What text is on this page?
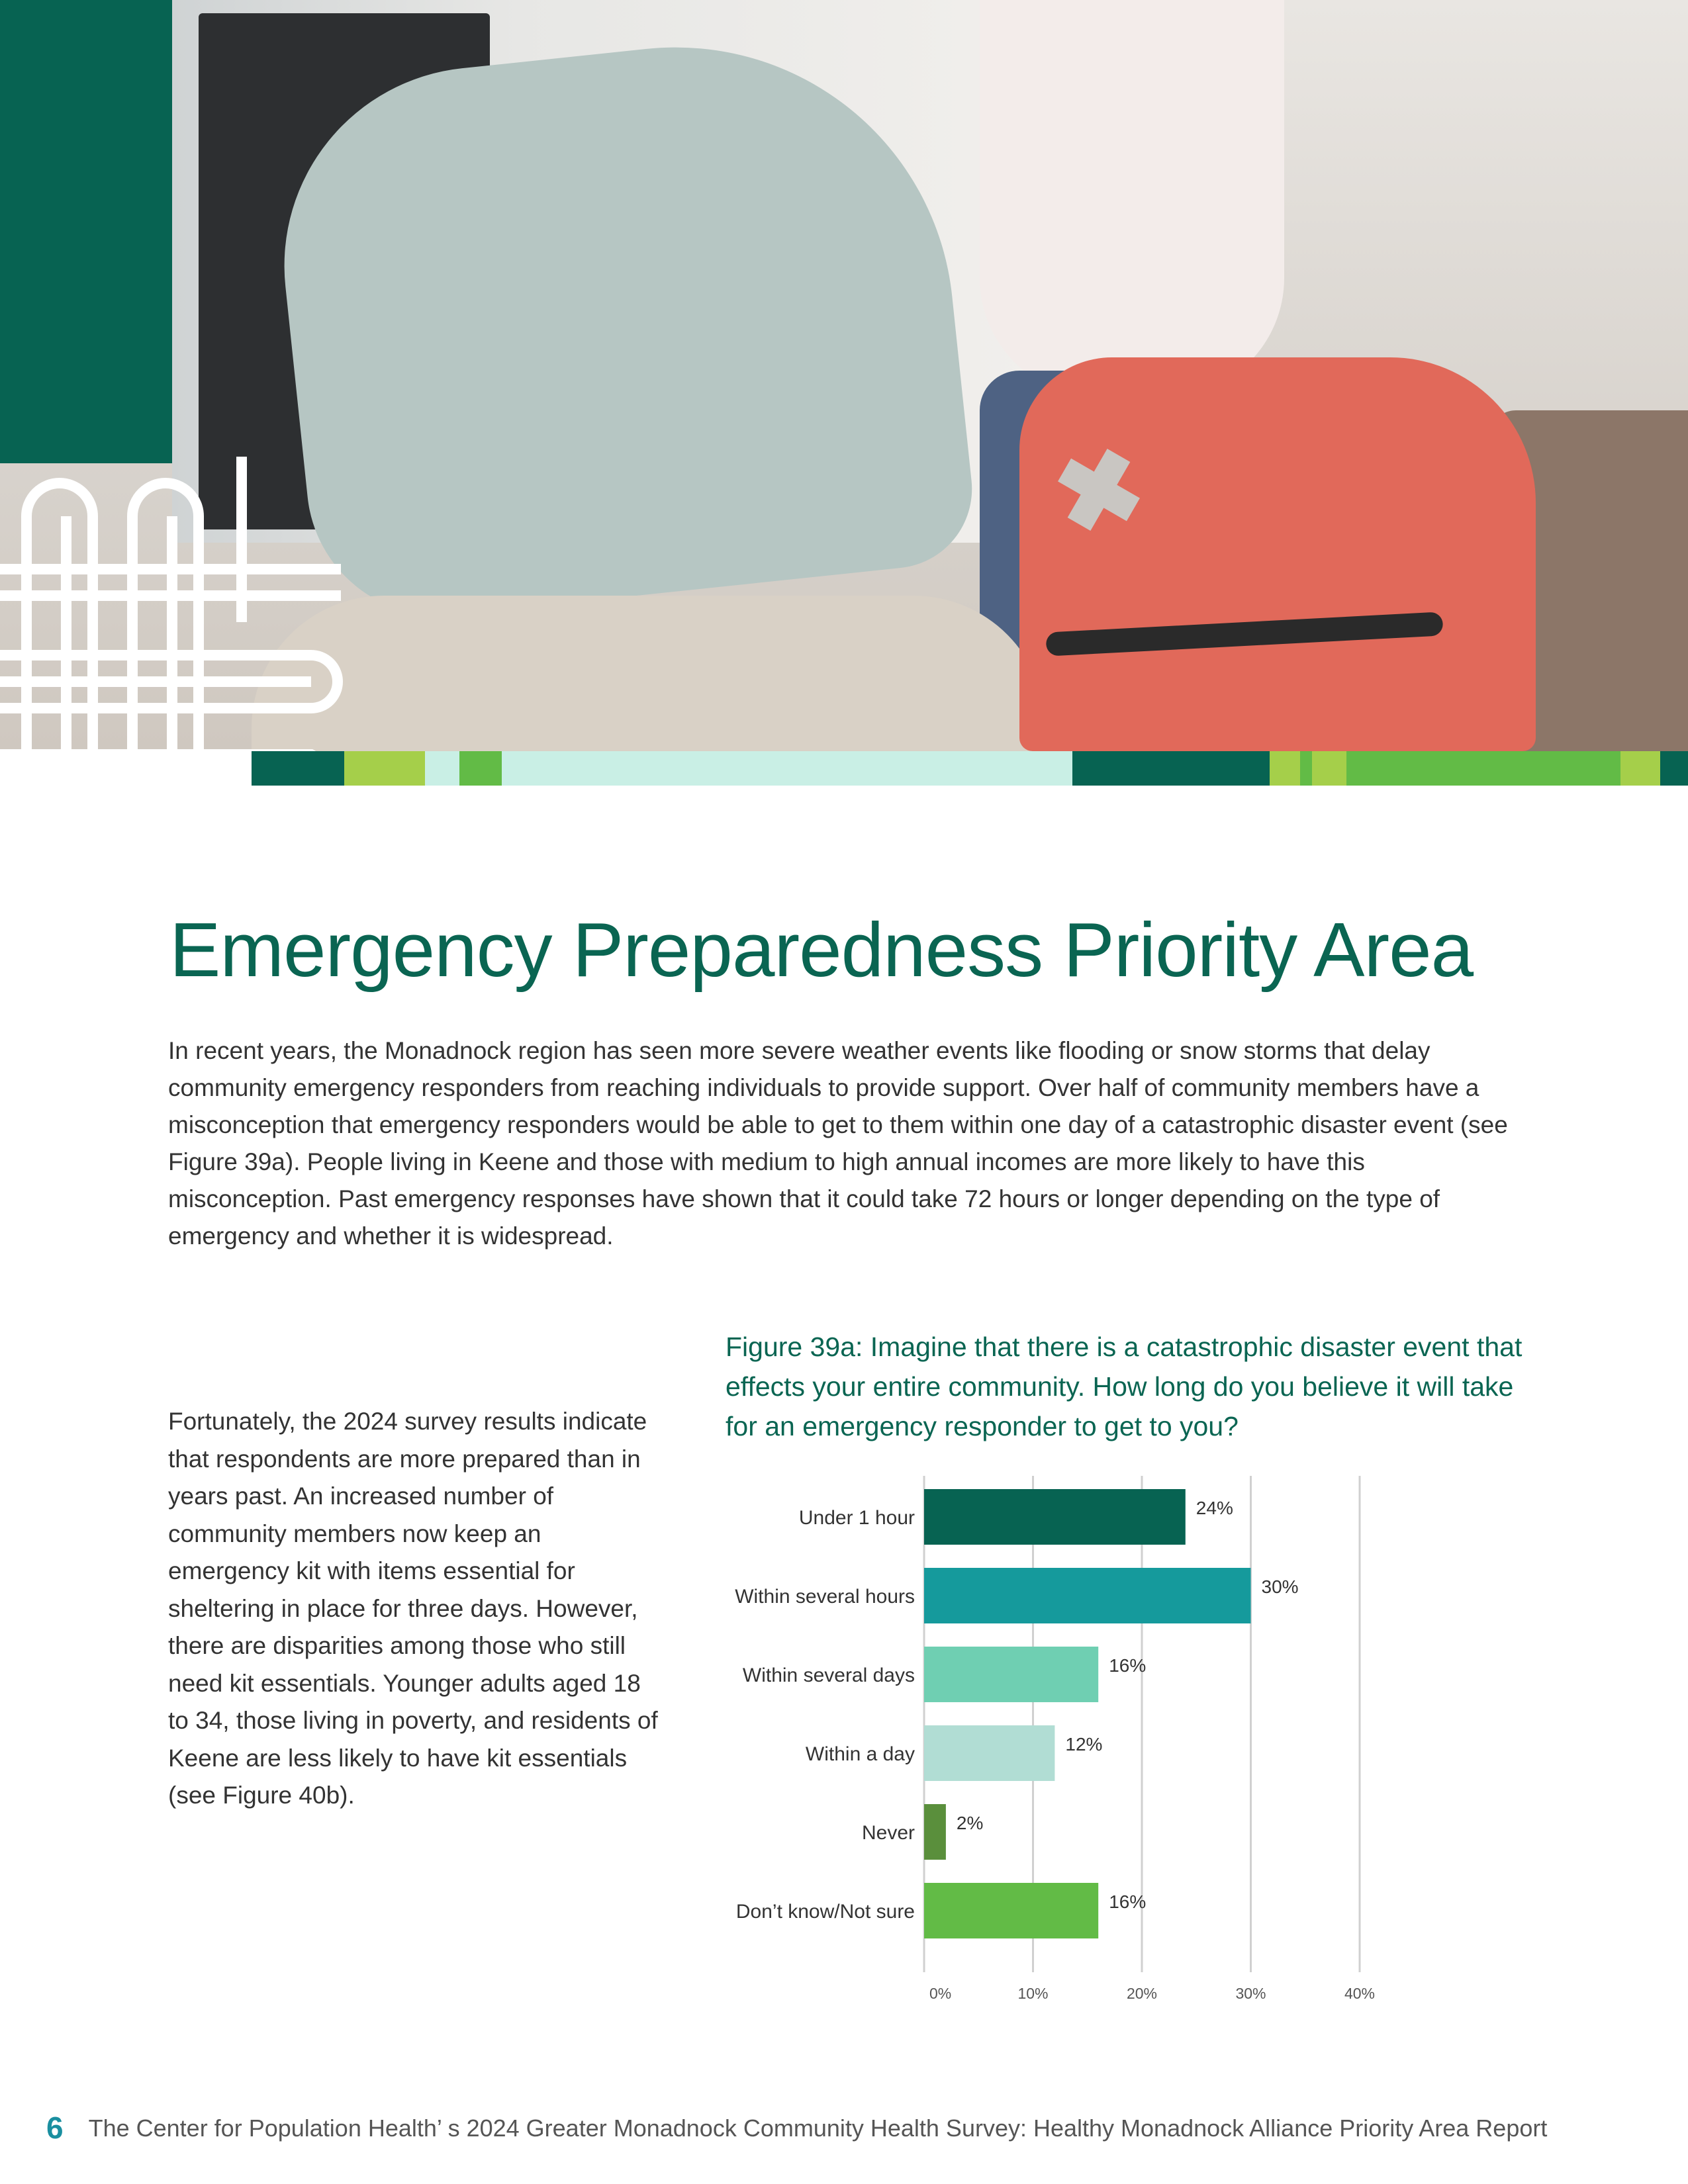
Emergency Preparedness Priority Area

In recent years, the Monadnock region has seen more severe weather events like flooding or snow storms that delay community emergency responders from reaching individuals to provide support. Over half of community members have a misconception that emergency responders would be able to get to them within one day of a catastrophic disaster event (see Figure 39a). People living in Keene and those with medium to high annual incomes are more likely to have this misconception. Past emergency responses have shown that it could take 72 hours or longer depending on the type of emergency and whether it is widespread.

Fortunately, the 2024 survey results indicate that respondents are more prepared than in years past. An increased number of community members now keep an emergency kit with items essential for sheltering in place for three days. However, there are disparities among those who still need kit essentials. Younger adults aged 18 to 34, those living in poverty, and residents of Keene are less likely to have kit essentials (see Figure 40b).

Figure 39a: Imagine that there is a catastrophic disaster event that effects your entire community. How long do you believe it will take for an emergency responder to get to you?
Under 1 hour	24%
Within several hours	30%
Within several days	16%
Within a day	12%
Never 2%
Don’t know/Not sure	16%
0%	10%	20%	30%	40%
6 The Center for Population Health’ s 2024 Greater Monadnock Community Health Survey: Healthy Monadnock Alliance Priority Area Report
